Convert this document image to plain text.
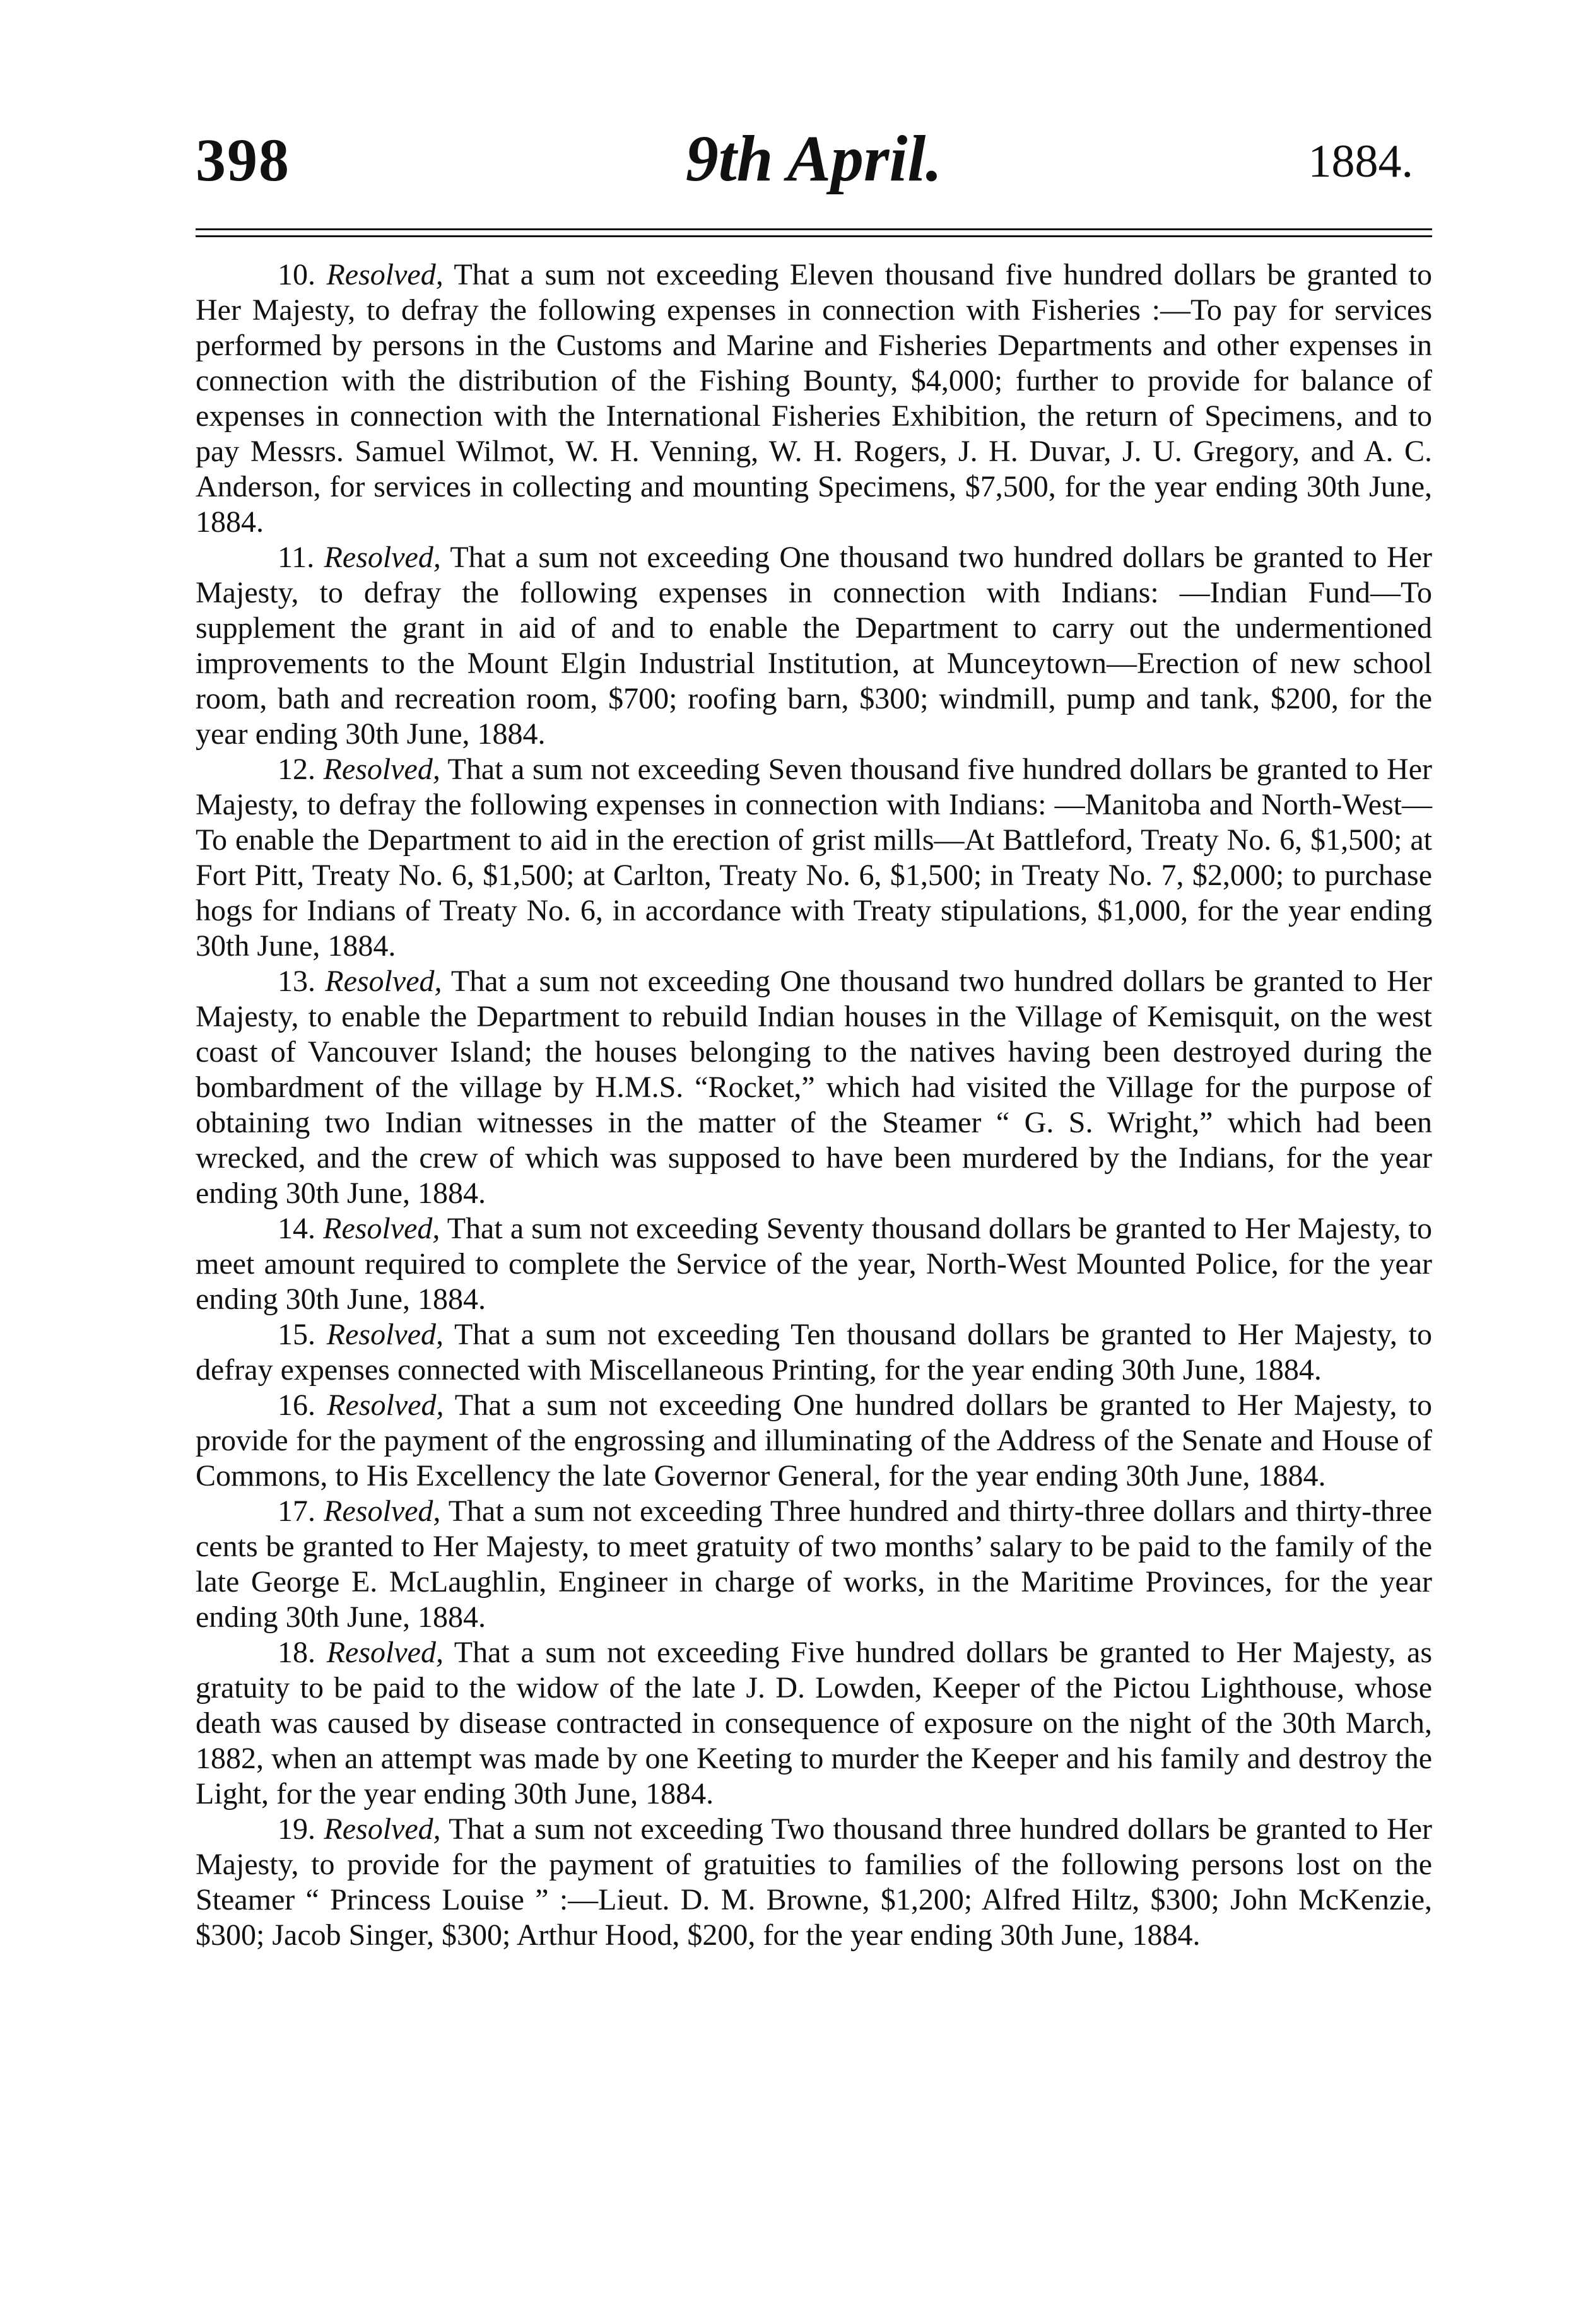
398	9th April.	1884.

10. Resolved, That a sum not exceeding Eleven thousand five hundred dollars be granted to Her Majesty, to defray the following expenses in connection with Fisheries :—To pay for services performed by persons in the Customs and Marine and Fisheries Departments and other expenses in connection with the distribution of the Fishing Bounty, $4,000; further to provide for balance of expenses in connection with the International Fisheries Exhibition, the return of Specimens, and to pay Messrs. Samuel Wilmot, W. H. Venning, W. H. Rogers, J. H. Duvar, J. U. Gregory, and A. C. Anderson, for services in collecting and mounting Specimens, $7,500, for the year ending 30th June, 1884.

11. Resolved, That a sum not exceeding One thousand two hundred dollars be granted to Her Majesty, to defray the following expenses in connection with Indians: —Indian Fund—To supplement the grant in aid of and to enable the Department to carry out the undermentioned improvements to the Mount Elgin Industrial Institution, at Munceytown—Erection of new school room, bath and recreation room, $700; roofing barn, $300; windmill, pump and tank, $200, for the year ending 30th June, 1884.

12. Resolved, That a sum not exceeding Seven thousand five hundred dollars be granted to Her Majesty, to defray the following expenses in connection with Indians: —Manitoba and North-West—To enable the Department to aid in the erection of grist mills—At Battleford, Treaty No. 6, $1,500; at Fort Pitt, Treaty No. 6, $1,500; at Carlton, Treaty No. 6, $1,500; in Treaty No. 7, $2,000; to purchase hogs for Indians of Treaty No. 6, in accordance with Treaty stipulations, $1,000, for the year ending 30th June, 1884.

13. Resolved, That a sum not exceeding One thousand two hundred dollars be granted to Her Majesty, to enable the Department to rebuild Indian houses in the Village of Kemisquit, on the west coast of Vancouver Island; the houses belonging to the natives having been destroyed during the bombardment of the village by H.M.S. “Rocket,” which had visited the Village for the purpose of obtaining two Indian witnesses in the matter of the Steamer “ G. S. Wright,” which had been wrecked, and the crew of which was supposed to have been murdered by the Indians, for the year ending 30th June, 1884.

14. Resolved, That a sum not exceeding Seventy thousand dollars be granted to Her Majesty, to meet amount required to complete the Service of the year, North-West Mounted Police, for the year ending 30th June, 1884.

15. Resolved, That a sum not exceeding Ten thousand dollars be granted to Her Majesty, to defray expenses connected with Miscellaneous Printing, for the year ending 30th June, 1884.

16. Resolved, That a sum not exceeding One hundred dollars be granted to Her Majesty, to provide for the payment of the engrossing and illuminating of the Address of the Senate and House of Commons, to His Excellency the late Governor General, for the year ending 30th June, 1884.

17. Resolved, That a sum not exceeding Three hundred and thirty-three dollars and thirty-three cents be granted to Her Majesty, to meet gratuity of two months’ salary to be paid to the family of the late George E. McLaughlin, Engineer in charge of works, in the Maritime Provinces, for the year ending 30th June, 1884.

18. Resolved, That a sum not exceeding Five hundred dollars be granted to Her Majesty, as gratuity to be paid to the widow of the late J. D. Lowden, Keeper of the Pictou Lighthouse, whose death was caused by disease contracted in consequence of exposure on the night of the 30th March, 1882, when an attempt was made by one Keeting to murder the Keeper and his family and destroy the Light, for the year ending 30th June, 1884.

19. Resolved, That a sum not exceeding Two thousand three hundred dollars be granted to Her Majesty, to provide for the payment of gratuities to families of the following persons lost on the Steamer “ Princess Louise ” :—Lieut. D. M. Browne, $1,200; Alfred Hiltz, $300; John McKenzie, $300; Jacob Singer, $300; Arthur Hood, $200, for the year ending 30th June, 1884.
